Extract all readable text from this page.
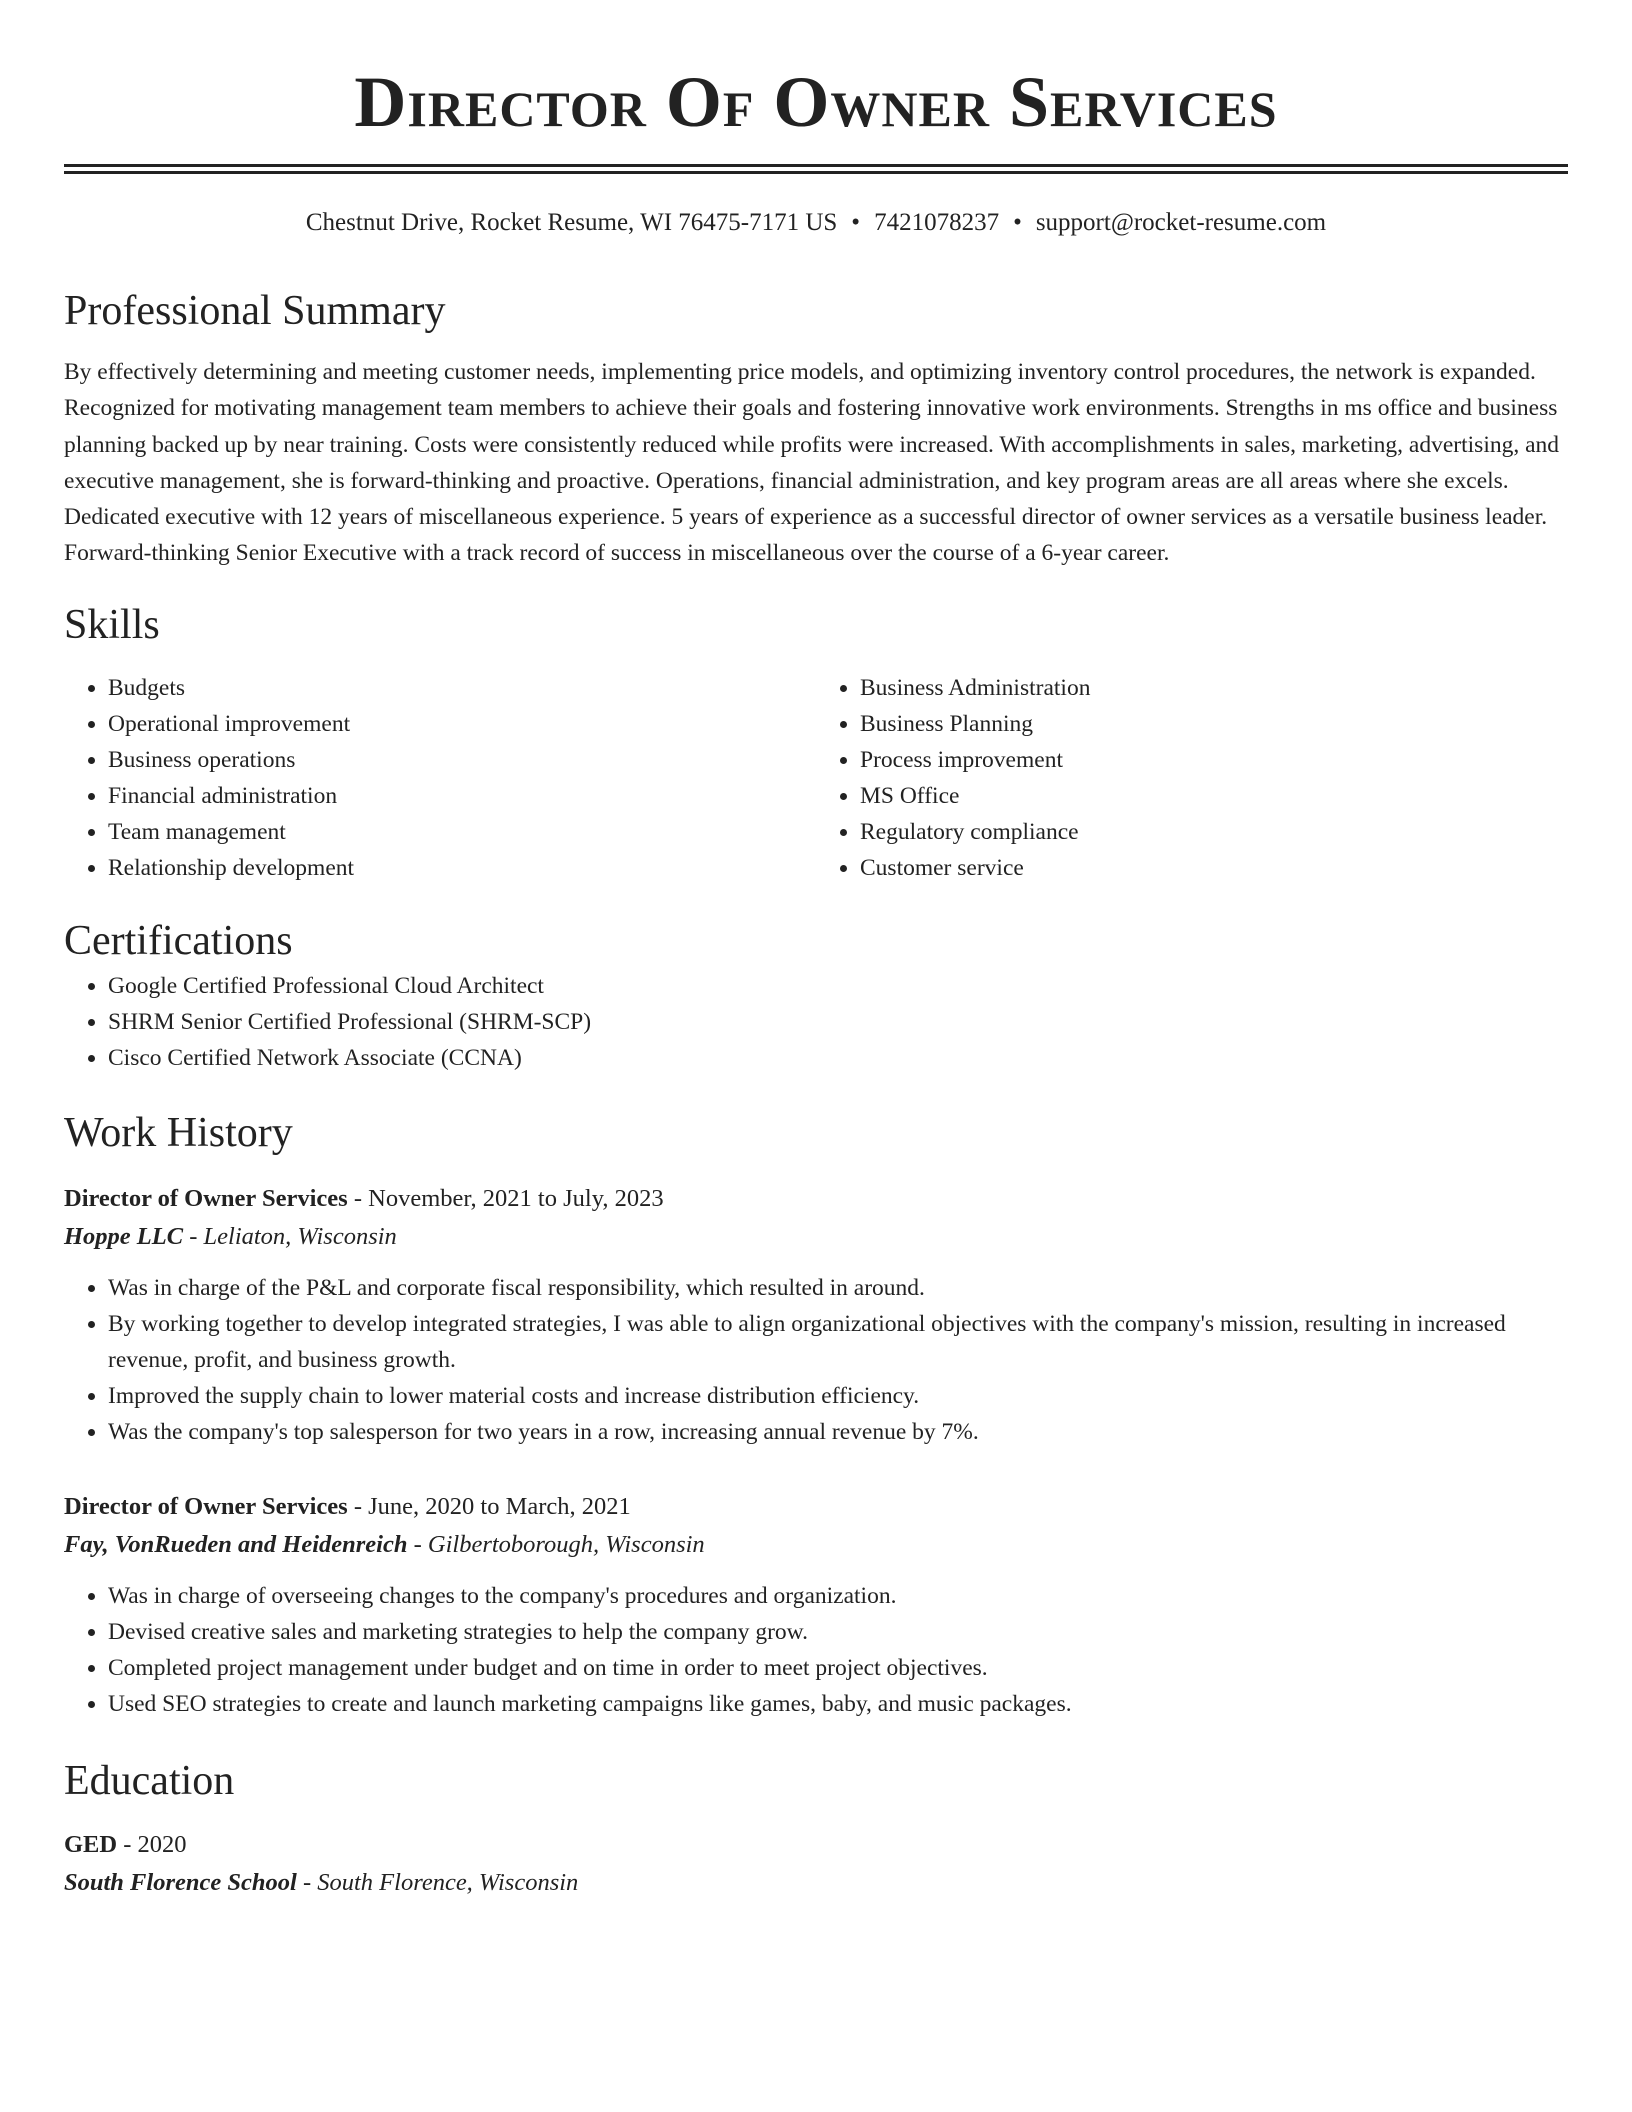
Director Of Owner Services
Chestnut Drive, Rocket Resume, WI 76475-7171 US • 7421078237 • support@rocket-resume.com
Professional Summary

By effectively determining and meeting customer needs, implementing price models, and optimizing inventory control procedures, the network is expanded. Recognized for motivating management team members to achieve their goals and fostering innovative work environments. Strengths in ms office and business planning backed up by near training. Costs were consistently reduced while profits were increased. With accomplishments in sales, marketing, advertising, and executive management, she is forward-thinking and proactive. Operations, financial administration, and key program areas are all areas where she excels. Dedicated executive with 12 years of miscellaneous experience. 5 years of experience as a successful director of owner services as a versatile business leader. Forward-thinking Senior Executive with a track record of success in miscellaneous over the course of a 6-year career.

Skills
• Budgets
• Operational improvement
• Business operations
• Financial administration
• Team management
• Relationship development
• Business Administration
• Business Planning
• Process improvement
• MS Office
• Regulatory compliance
• Customer service
Certifications
• Google Certified Professional Cloud Architect
• SHRM Senior Certified Professional (SHRM-SCP)
• Cisco Certified Network Associate (CCNA)
Work History
Director of Owner Services - November, 2021 to July, 2023
Hoppe LLC - Leliaton, Wisconsin
• Was in charge of the P&L and corporate fiscal responsibility, which resulted in around.
• By working together to develop integrated strategies, I was able to align organizational objectives with the company's mission, resulting in increased revenue, profit, and business growth.
• Improved the supply chain to lower material costs and increase distribution efficiency.
• Was the company's top salesperson for two years in a row, increasing annual revenue by 7%.
Director of Owner Services - June, 2020 to March, 2021
Fay, VonRueden and Heidenreich - Gilbertoborough, Wisconsin
• Was in charge of overseeing changes to the company's procedures and organization.
• Devised creative sales and marketing strategies to help the company grow.
• Completed project management under budget and on time in order to meet project objectives.
• Used SEO strategies to create and launch marketing campaigns like games, baby, and music packages.
Education
GED - 2020
South Florence School - South Florence, Wisconsin
